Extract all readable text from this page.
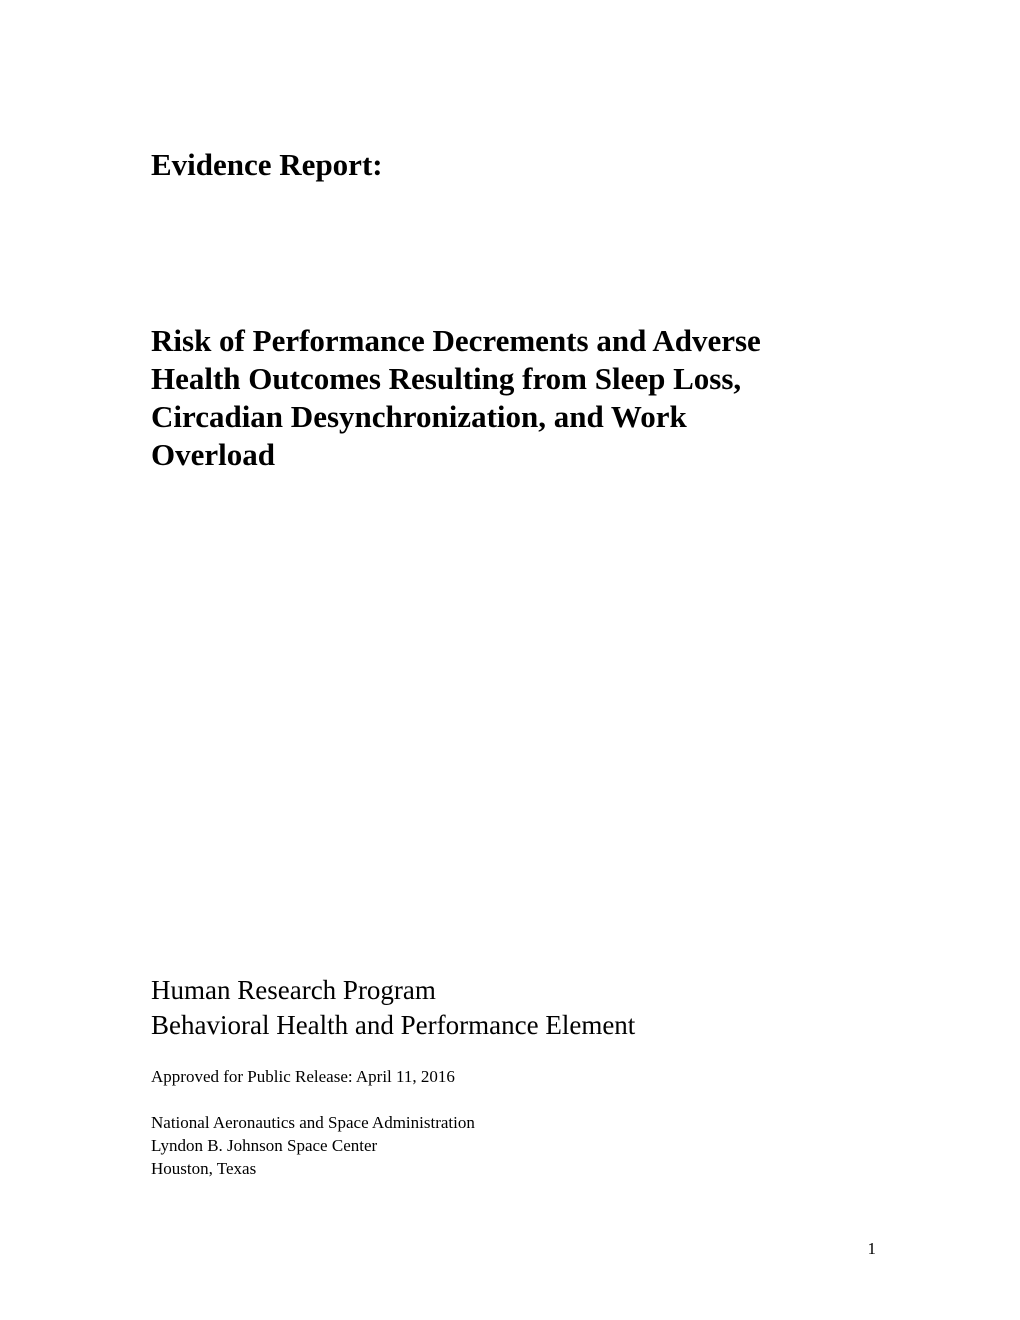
Evidence Report:
Risk of Performance Decrements and Adverse
Health Outcomes Resulting from Sleep Loss,
Circadian Desynchronization, and Work
Overload
Human Research Program
Behavioral Health and Performance Element
Approved for Public Release: April 11, 2016
National Aeronautics and Space Administration
Lyndon B. Johnson Space Center
Houston, Texas
1
